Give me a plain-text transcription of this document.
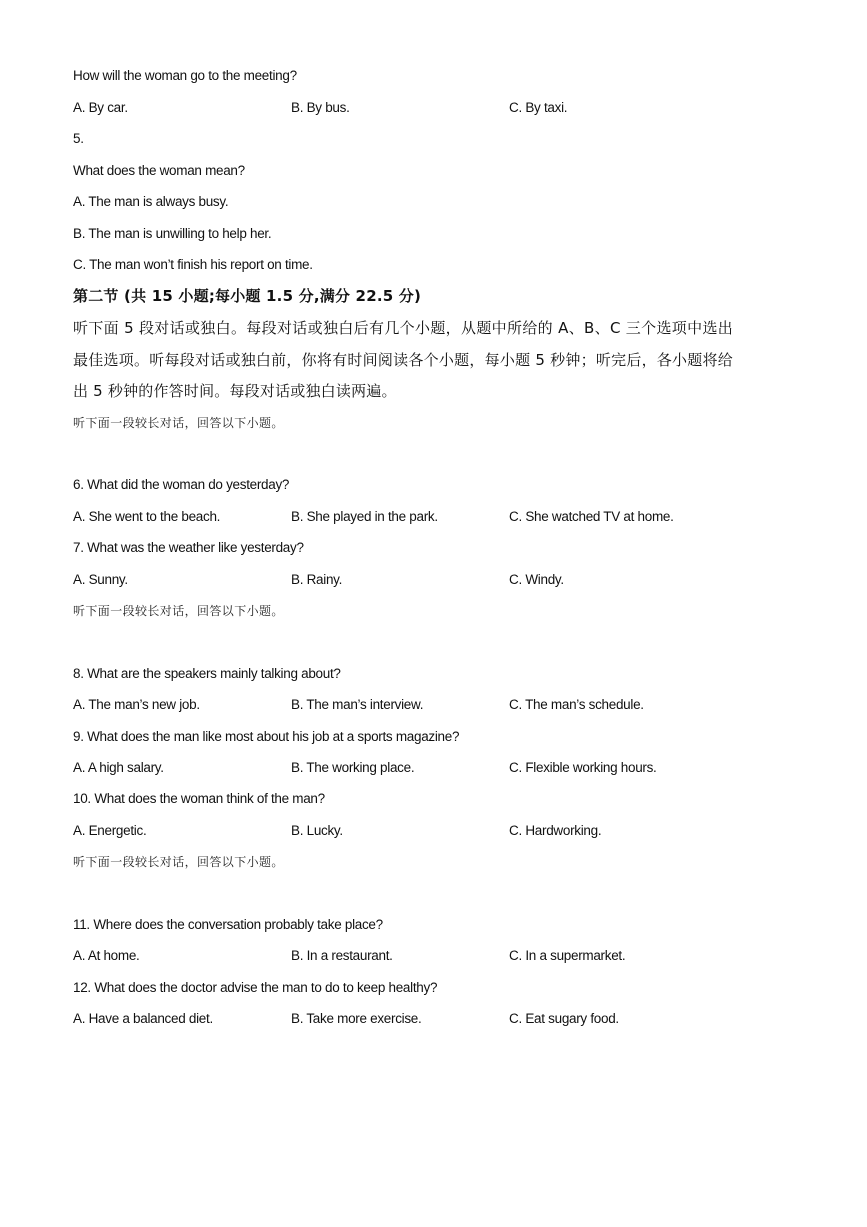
How will the woman go to the meeting?
A. By car.	B. By bus.	C. By taxi.
5.
What does the woman mean?
A. The man is always busy.
B. The man is unwilling to help her.
C. The man won’t finish his report on time.
第二节 (共 15 小题;每小题 1.5 分,满分 22.5 分)
听下面 5 段对话或独白。每段对话或独白后有几个小题，从题中所给的 A、B、C 三个选项中选出最佳选项。听每段对话或独白前，你将有时间阅读各个小题，每小题 5 秒钟；听完后，各小题将给出 5 秒钟的作答时间。每段对话或独白读两遍。
听下面一段较长对话，回答以下小题。
6. What did the woman do yesterday?
A. She went to the beach.	B. She played in the park.	C. She watched TV at home.
7. What was the weather like yesterday?
A. Sunny.	B. Rainy.	C. Windy.
听下面一段较长对话，回答以下小题。
8. What are the speakers mainly talking about?
A. The man’s new job.	B. The man’s interview.	C. The man’s schedule.
9. What does the man like most about his job at a sports magazine?
A. A high salary.	B. The working place.	C. Flexible working hours.
10. What does the woman think of the man?
A. Energetic.	B. Lucky.	C. Hardworking.
听下面一段较长对话，回答以下小题。
11. Where does the conversation probably take place?
A. At home.	B. In a restaurant.	C. In a supermarket.
12. What does the doctor advise the man to do to keep healthy?
A. Have a balanced diet.	B. Take more exercise.	C. Eat sugary food.
